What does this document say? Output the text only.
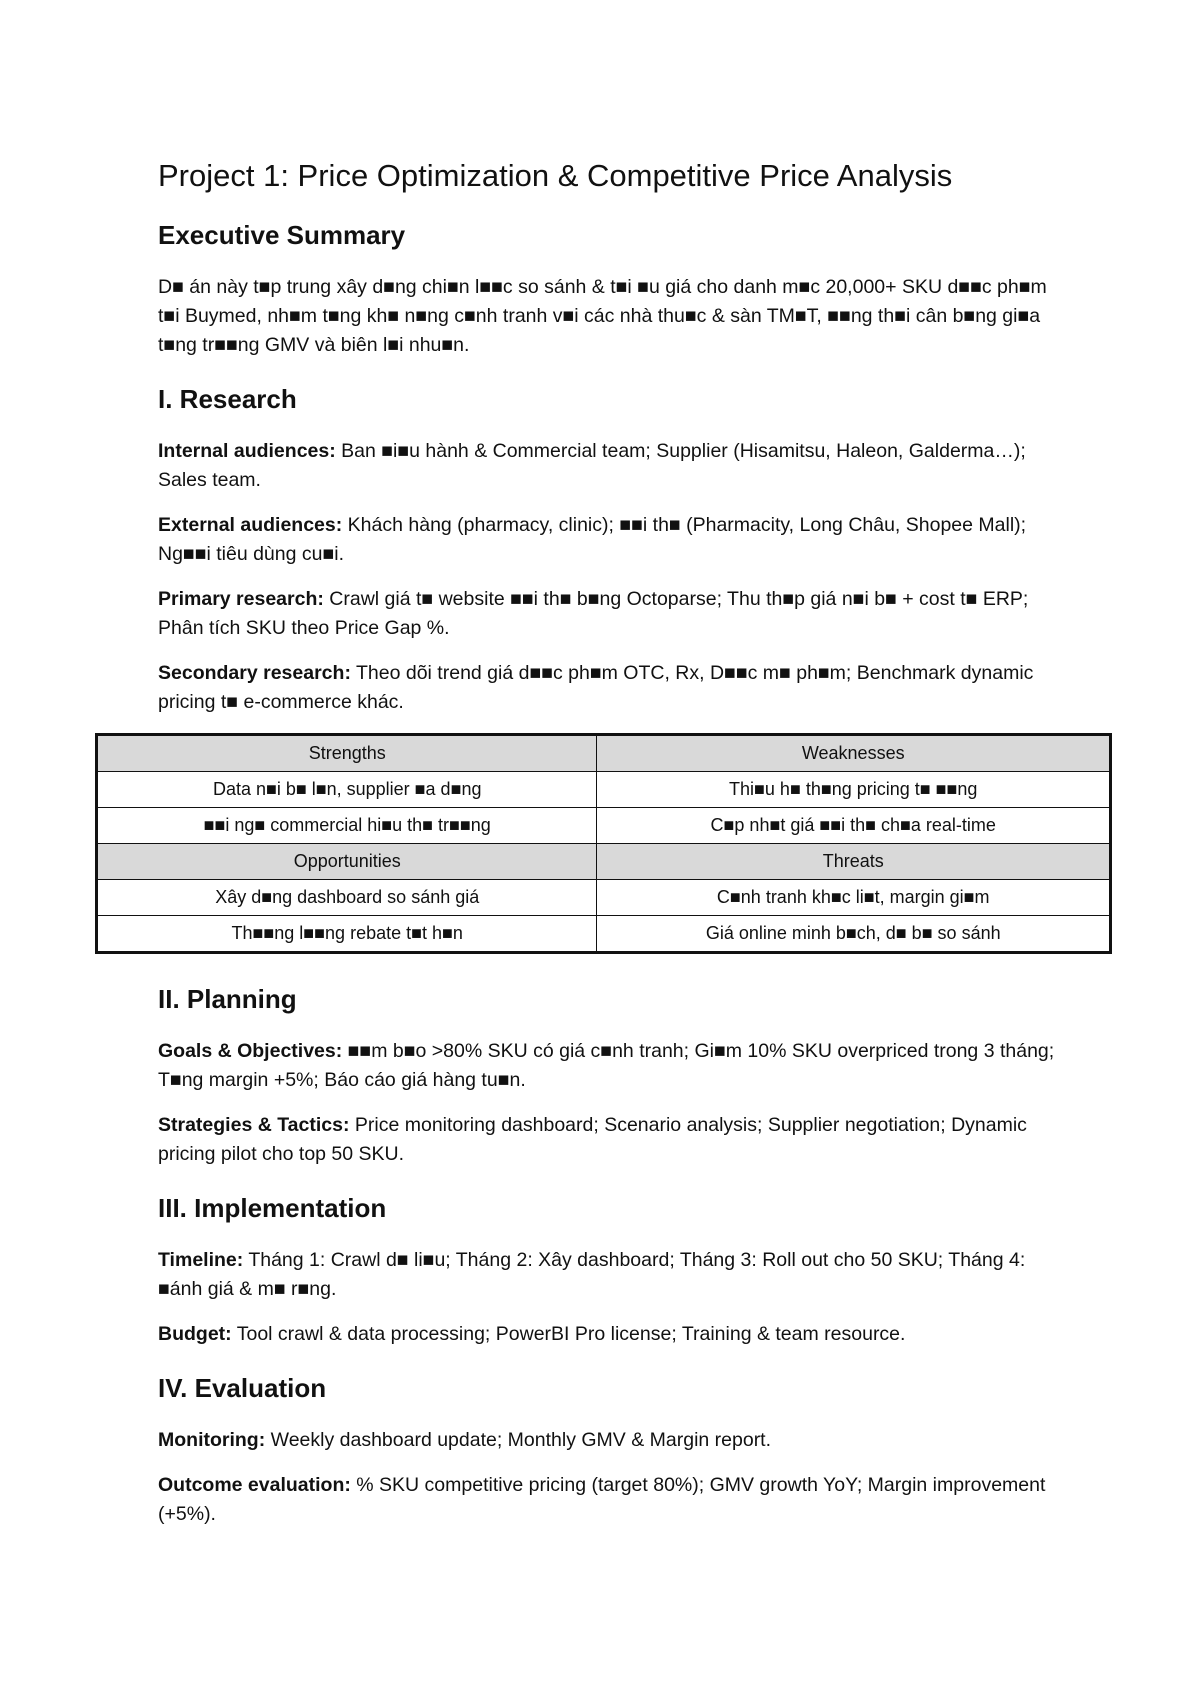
Project 1: Price Optimization & Competitive Price Analysis
Executive Summary

D■ án này t■p trung xây d■ng chi■n l■■c so sánh & t■i ■u giá cho danh m■c 20,000+ SKU d■■c ph■m t■i Buymed, nh■m t■ng kh■ n■ng c■nh tranh v■i các nhà thu■c & sàn TM■T, ■■ng th■i cân b■ng gi■a t■ng tr■■ng GMV và biên l■i nhu■n.

I. Research

Internal audiences: Ban ■i■u hành & Commercial team; Supplier (Hisamitsu, Haleon, Galderma…); Sales team.

External audiences: Khách hàng (pharmacy, clinic); ■■i th■ (Pharmacity, Long Châu, Shopee Mall); Ng■■i tiêu dùng cu■i.

Primary research: Crawl giá t■ website ■■i th■ b■ng Octoparse; Thu th■p giá n■i b■ + cost t■ ERP; Phân tích SKU theo Price Gap %.

Secondary research: Theo dõi trend giá d■■c ph■m OTC, Rx, D■■c m■ ph■m; Benchmark dynamic pricing t■ e-commerce khác.

Strengths	Weaknesses
Data n■i b■ l■n, supplier ■a d■ng	Thi■u h■ th■ng pricing t■ ■■ng
■■i ng■ commercial hi■u th■ tr■■ng	C■p nh■t giá ■■i th■ ch■a real-time
Opportunities	Threats
Xây d■ng dashboard so sánh giá	C■nh tranh kh■c li■t, margin gi■m
Th■■ng l■■ng rebate t■t h■n	Giá online minh b■ch, d■ b■ so sánh
II. Planning

Goals & Objectives: ■■m b■o >80% SKU có giá c■nh tranh; Gi■m 10% SKU overpriced trong 3 tháng; T■ng margin +5%; Báo cáo giá hàng tu■n.

Strategies & Tactics: Price monitoring dashboard; Scenario analysis; Supplier negotiation; Dynamic pricing pilot cho top 50 SKU.

III. Implementation

Timeline: Tháng 1: Crawl d■ li■u; Tháng 2: Xây dashboard; Tháng 3: Roll out cho 50 SKU; Tháng 4: ■ánh giá & m■ r■ng.

Budget: Tool crawl & data processing; PowerBI Pro license; Training & team resource.

IV. Evaluation

Monitoring: Weekly dashboard update; Monthly GMV & Margin report.

Outcome evaluation: % SKU competitive pricing (target 80%); GMV growth YoY; Margin improvement (+5%).
